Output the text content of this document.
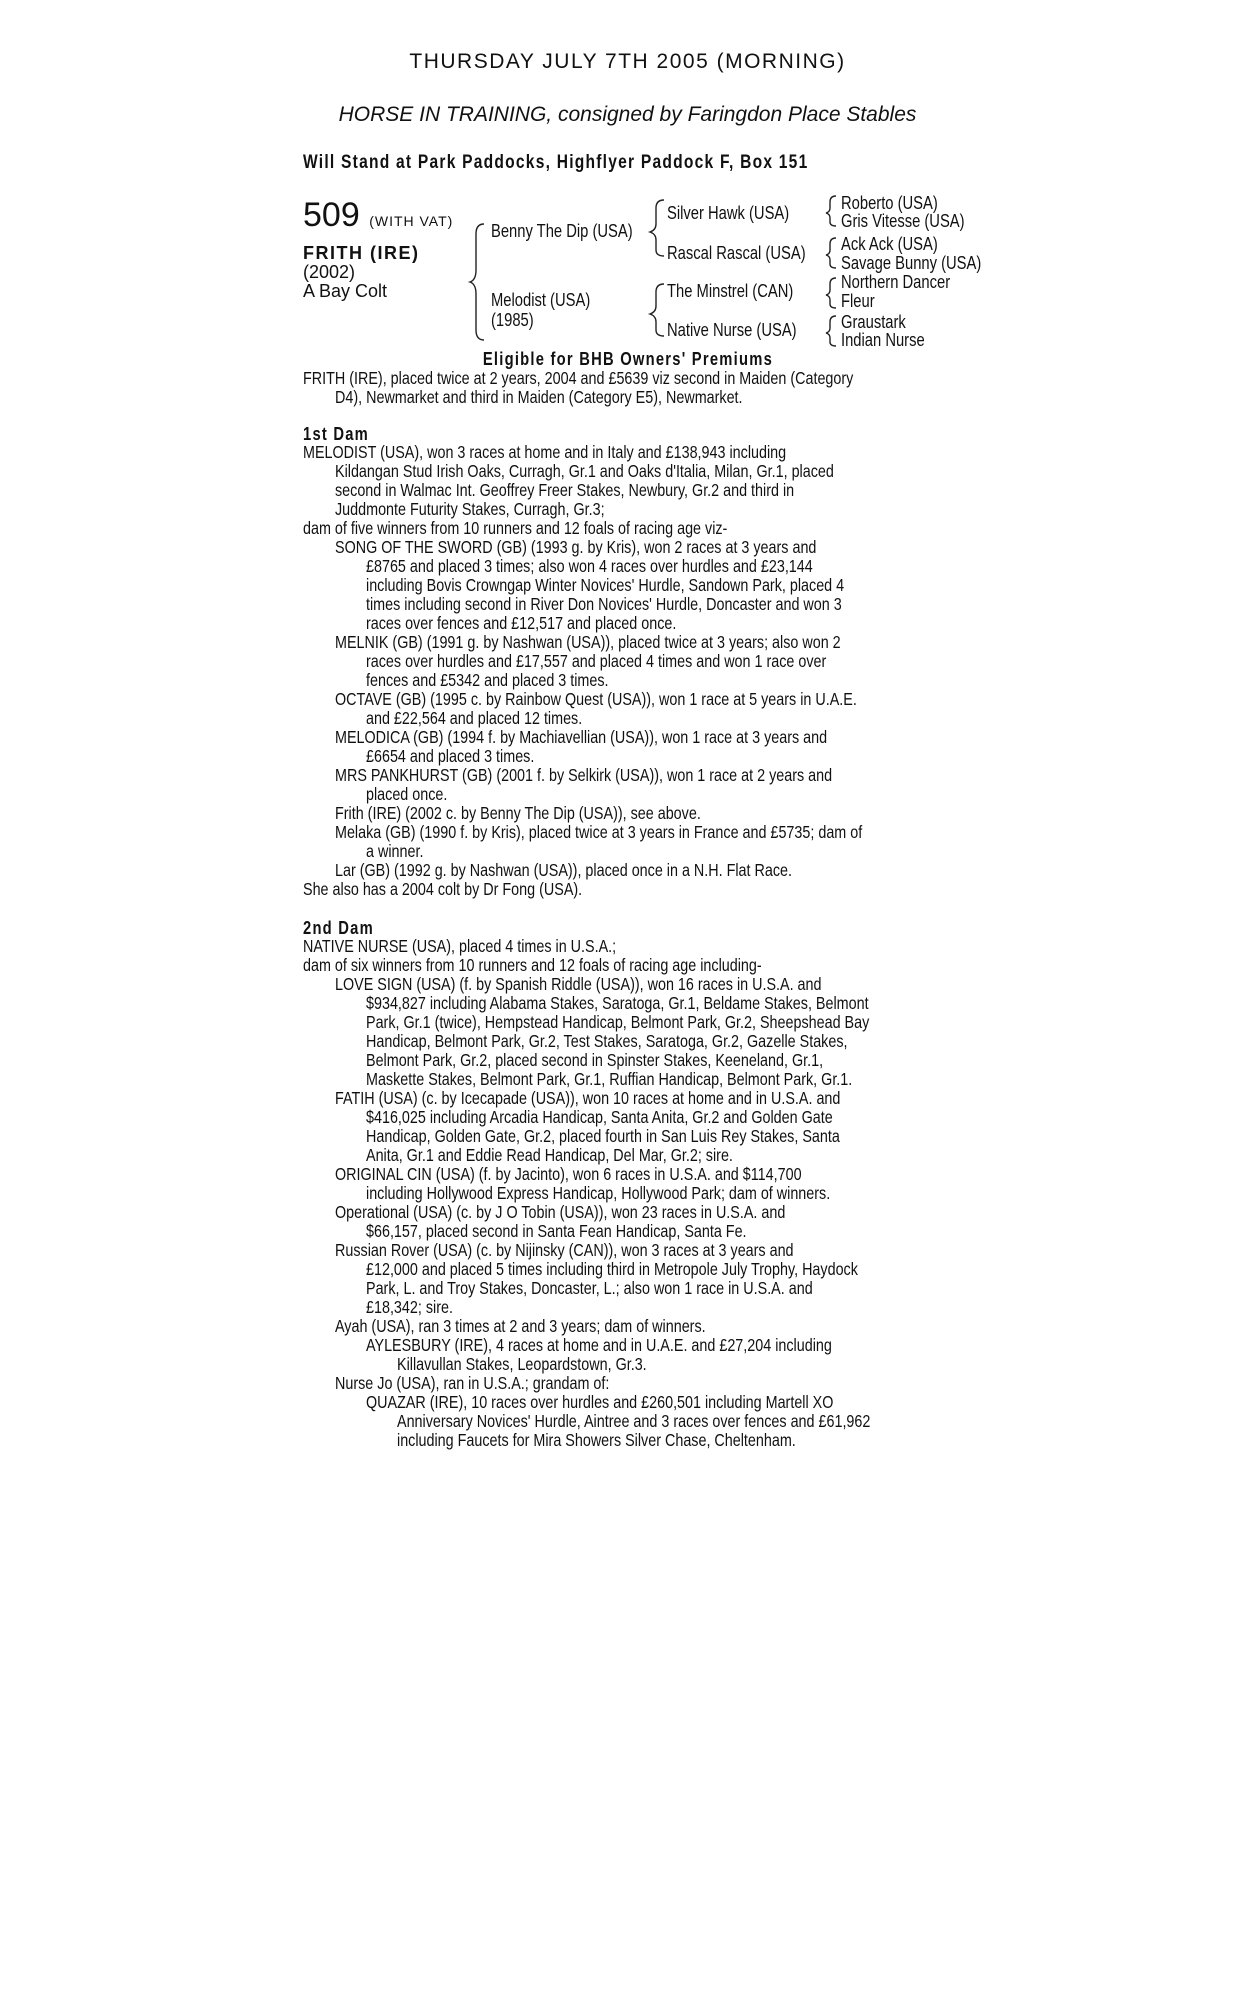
THURSDAY JULY 7TH 2005 (MORNING)
HORSE IN TRAINING, consigned by Faringdon Place Stables
Will Stand at Park Paddocks, Highflyer Paddock F, Box 151
509 (WITH VAT)
FRITH (IRE)
(2002)
A Bay Colt
Benny The Dip (USA)
Melodist (USA)
(1985)
Silver Hawk (USA)
Rascal Rascal (USA)
The Minstrel (CAN)
Native Nurse (USA)
Roberto (USA)
Gris Vitesse (USA)
Ack Ack (USA)
Savage Bunny (USA)
Northern Dancer
Fleur
Graustark
Indian Nurse
Eligible for BHB Owners' Premiums
FRITH (IRE), placed twice at 2 years, 2004 and £5639 viz second in Maiden (Category
D4), Newmarket and third in Maiden (Category E5), Newmarket.
1st Dam
MELODIST (USA), won 3 races at home and in Italy and £138,943 including
Kildangan Stud Irish Oaks, Curragh, Gr.1 and Oaks d'Italia, Milan, Gr.1, placed
second in Walmac Int. Geoffrey Freer Stakes, Newbury, Gr.2 and third in
Juddmonte Futurity Stakes, Curragh, Gr.3;
dam of five winners from 10 runners and 12 foals of racing age viz-
SONG OF THE SWORD (GB) (1993 g. by Kris), won 2 races at 3 years and
£8765 and placed 3 times; also won 4 races over hurdles and £23,144
including Bovis Crowngap Winter Novices' Hurdle, Sandown Park, placed 4
times including second in River Don Novices' Hurdle, Doncaster and won 3
races over fences and £12,517 and placed once.
MELNIK (GB) (1991 g. by Nashwan (USA)), placed twice at 3 years; also won 2
races over hurdles and £17,557 and placed 4 times and won 1 race over
fences and £5342 and placed 3 times.
OCTAVE (GB) (1995 c. by Rainbow Quest (USA)), won 1 race at 5 years in U.A.E.
and £22,564 and placed 12 times.
MELODICA (GB) (1994 f. by Machiavellian (USA)), won 1 race at 3 years and
£6654 and placed 3 times.
MRS PANKHURST (GB) (2001 f. by Selkirk (USA)), won 1 race at 2 years and
placed once.
Frith (IRE) (2002 c. by Benny The Dip (USA)), see above.
Melaka (GB) (1990 f. by Kris), placed twice at 3 years in France and £5735; dam of
a winner.
Lar (GB) (1992 g. by Nashwan (USA)), placed once in a N.H. Flat Race.
She also has a 2004 colt by Dr Fong (USA).
2nd Dam
NATIVE NURSE (USA), placed 4 times in U.S.A.;
dam of six winners from 10 runners and 12 foals of racing age including-
LOVE SIGN (USA) (f. by Spanish Riddle (USA)), won 16 races in U.S.A. and
$934,827 including Alabama Stakes, Saratoga, Gr.1, Beldame Stakes, Belmont
Park, Gr.1 (twice), Hempstead Handicap, Belmont Park, Gr.2, Sheepshead Bay
Handicap, Belmont Park, Gr.2, Test Stakes, Saratoga, Gr.2, Gazelle Stakes,
Belmont Park, Gr.2, placed second in Spinster Stakes, Keeneland, Gr.1,
Maskette Stakes, Belmont Park, Gr.1, Ruffian Handicap, Belmont Park, Gr.1.
FATIH (USA) (c. by Icecapade (USA)), won 10 races at home and in U.S.A. and
$416,025 including Arcadia Handicap, Santa Anita, Gr.2 and Golden Gate
Handicap, Golden Gate, Gr.2, placed fourth in San Luis Rey Stakes, Santa
Anita, Gr.1 and Eddie Read Handicap, Del Mar, Gr.2; sire.
ORIGINAL CIN (USA) (f. by Jacinto), won 6 races in U.S.A. and $114,700
including Hollywood Express Handicap, Hollywood Park; dam of winners.
Operational (USA) (c. by J O Tobin (USA)), won 23 races in U.S.A. and
$66,157, placed second in Santa Fean Handicap, Santa Fe.
Russian Rover (USA) (c. by Nijinsky (CAN)), won 3 races at 3 years and
£12,000 and placed 5 times including third in Metropole July Trophy, Haydock
Park, L. and Troy Stakes, Doncaster, L.; also won 1 race in U.S.A. and
£18,342; sire.
Ayah (USA), ran 3 times at 2 and 3 years; dam of winners.
AYLESBURY (IRE), 4 races at home and in U.A.E. and £27,204 including
Killavullan Stakes, Leopardstown, Gr.3.
Nurse Jo (USA), ran in U.S.A.; grandam of:
QUAZAR (IRE), 10 races over hurdles and £260,501 including Martell XO
Anniversary Novices' Hurdle, Aintree and 3 races over fences and £61,962
including Faucets for Mira Showers Silver Chase, Cheltenham.
